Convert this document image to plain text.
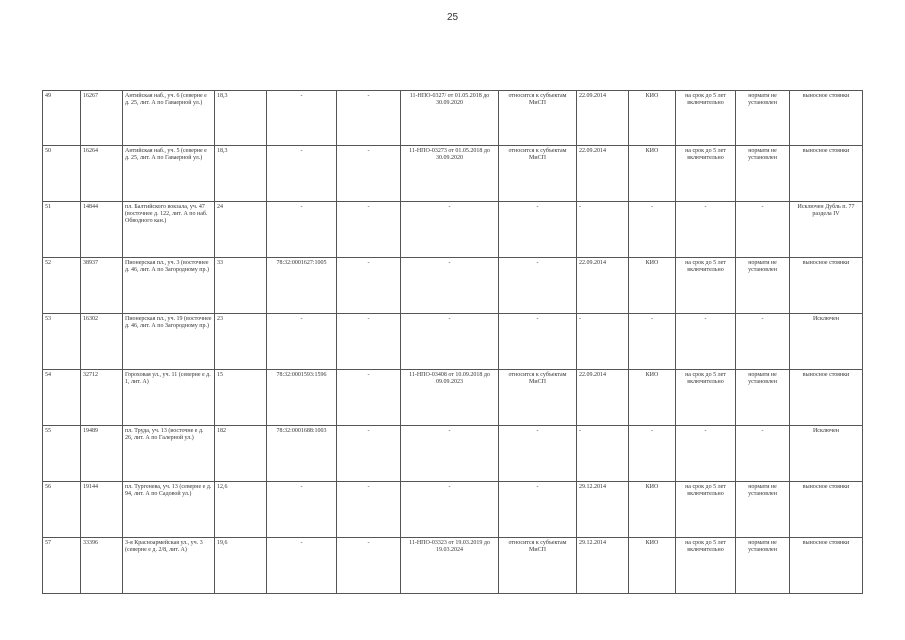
25
49	16267	Антийская наб., уч. 6 (северне е д. 25, лит. А по Гаваерной ул.)	18,3	-	-	11-НПО-0327/ от 01.05.2018 до 30.09.2020	относится к субъектам МиСП	22.09.2014	КИО	на срок до 5 лет включительно	нормати не установлен	выносное стоянки
50	16264	Антийская наб., уч. 5 (северне е д. 25, лит. А по Гаваерной ул.)	18,3	-	-	11-НПО-03273 от 01.05.2018 до 30.09.2020	относится к субъектам МиСП	22.09.2014	КИО	на срок до 5 лет включительно	нормати не установлен	выносное стоянки
51	14844	пл. Балтийского вокзала, уч. 47 (восточнее д. 122, лит. А по наб. Обводного кан.)	24	-	-	-	-	-	-	-	-	Исключен Дубль п. 77 раздела IV
52	38937	Пионерская пл., уч. 3 (восточнее д. 46, лит. А по Загородному пр.)	33	78:32:0001627:1005	-	-	-	22.09.2014	КИО	на срок до 5 лет включительно	нормати не установлен	выносное стоянки
53	16302	Пионерская пл., уч. 19 (восточнее д. 46, лит. А по Загородному пр.)	23	-	-	-	-	-	-	-	-	Исключен
54	32712	Гороховая ул., уч. 11 (северне е д. 1, лит. А)	15	78:32:0001593:1596	-	11-НПО-03408 от 10.09.2018 до 09.09.2023	относится к субъектам МиСП	22.09.2014	КИО	на срок до 5 лет включительно	нормати не установлен	выносное стоянки
55	19489	пл. Труда, уч. 13 (восточне е д. 26, лит. А по Галерной ул.)	182	78:32:0001688:1003	-	-	-	-	-	-	-	Исключен
56	19144	пл. Тургенева, уч. 13 (северне е д. 94, лит. А по Садовой ул.)	12,6	-	-	-	-	29.12.2014	КИО	на срок до 5 лет включительно	нормати не установлен	выносное стоянки
57	33396	3-я Красноармейская ул., уч. 3 (северне е д. 2/8, лит. А)	19,6	-	-	11-НПО-03323 от 19.03.2019 до 19.03.2024	относится к субъектам МиСП	29.12.2014	КИО	на срок до 5 лет включительно	нормати не установлен	выносное стоянки
